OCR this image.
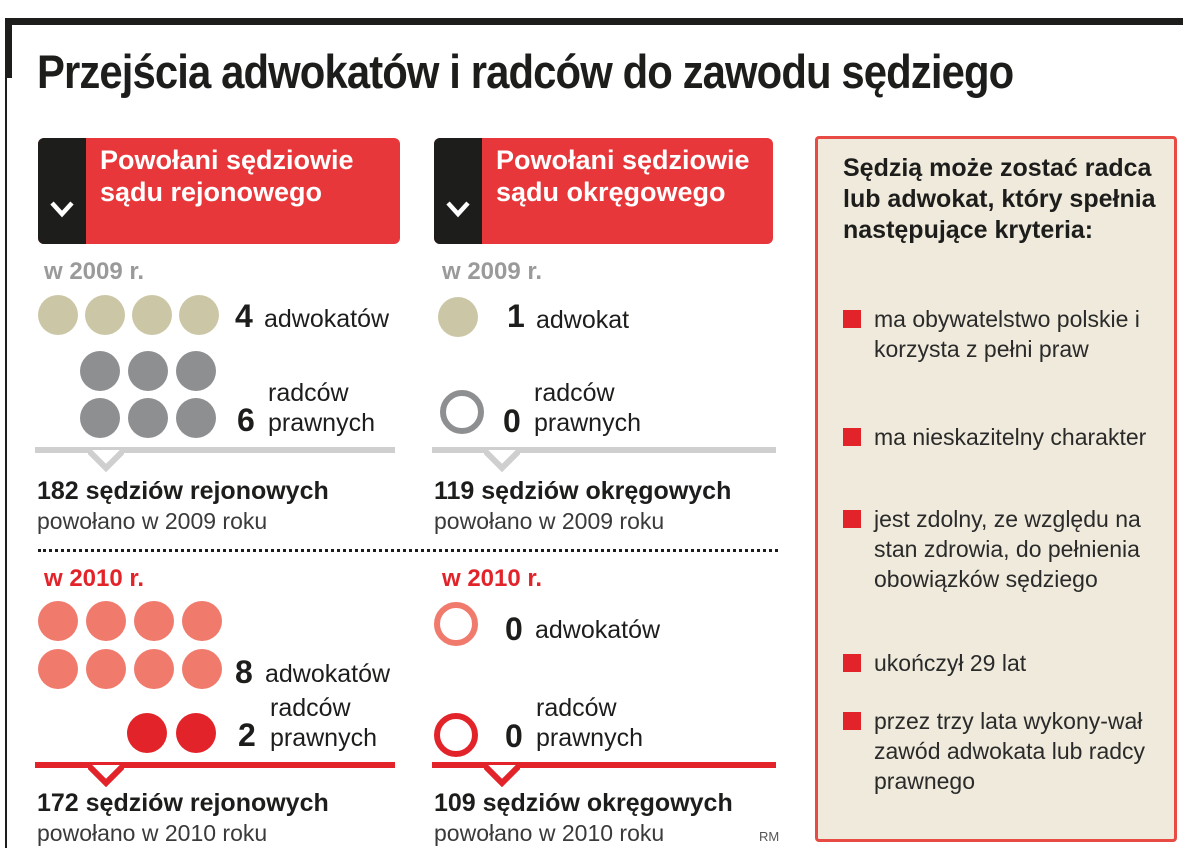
Przejścia adwokatów i radców do zawodu sędziego
Powołani sędziowie sądu rejonowego
w 2009 r.
4 adwokatów
radców
6 prawnych
182 sędziów rejonowych
powołano w 2009 roku
w 2010 r.
8 adwokatów
radców
2 prawnych
172 sędziów rejonowych
powołano w 2010 roku
Powołani sędziowie sądu okręgowego
w 2009 r.
1 adwokat
radców
0 prawnych
119 sędziów okręgowych
powołano w 2009 roku
w 2010 r.
0 adwokatów
radców
0 prawnych
109 sędziów okręgowych
powołano w 2010 roku	RM
Sędzią może zostać radca lub adwokat, który spełnia następujące kryteria:
ma obywatelstwo polskie i korzysta z pełni praw
ma nieskazitelny charakter
jest zdolny, ze względu na stan zdrowia, do pełnienia obowiązków sędziego
ukończył 29 lat
przez trzy lata wykony-wał zawód adwokata lub radcy prawnego
